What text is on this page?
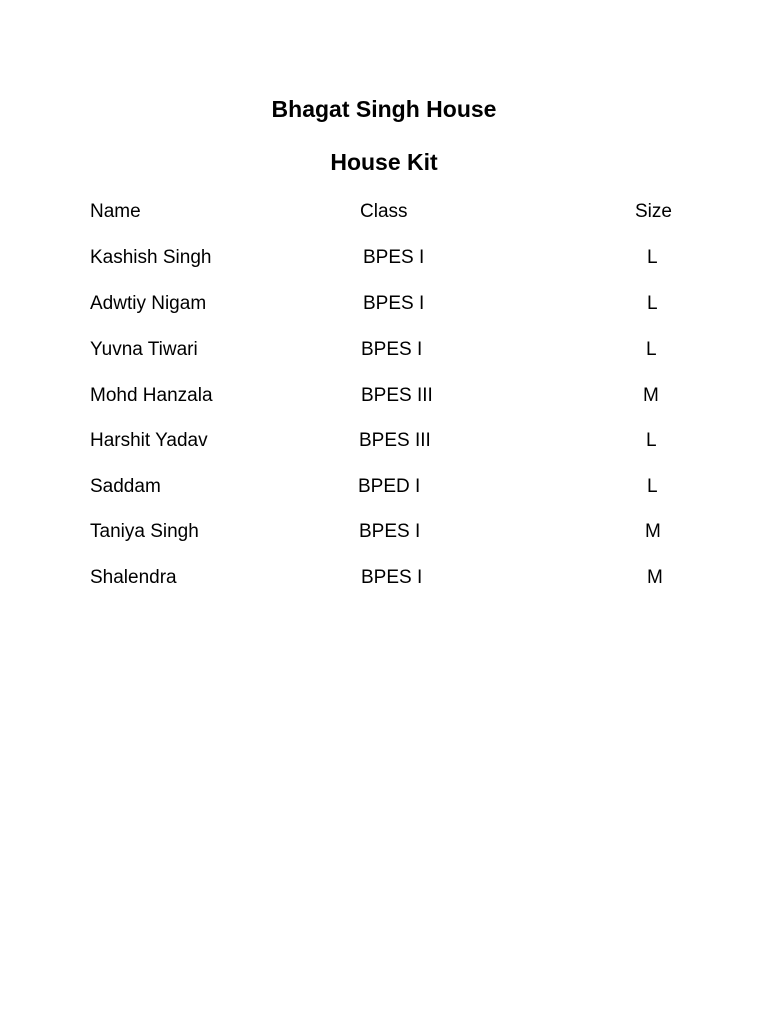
Bhagat Singh House
House Kit
Name	Class	Size
Kashish Singh	BPES I	L
Adwtiy Nigam	BPES I	L
Yuvna Tiwari	BPES I	L
Mohd Hanzala	BPES III	M
Harshit Yadav	BPES III	L
Saddam	BPED I	L
Taniya Singh	BPES I	M
Shalendra	BPES I	M
